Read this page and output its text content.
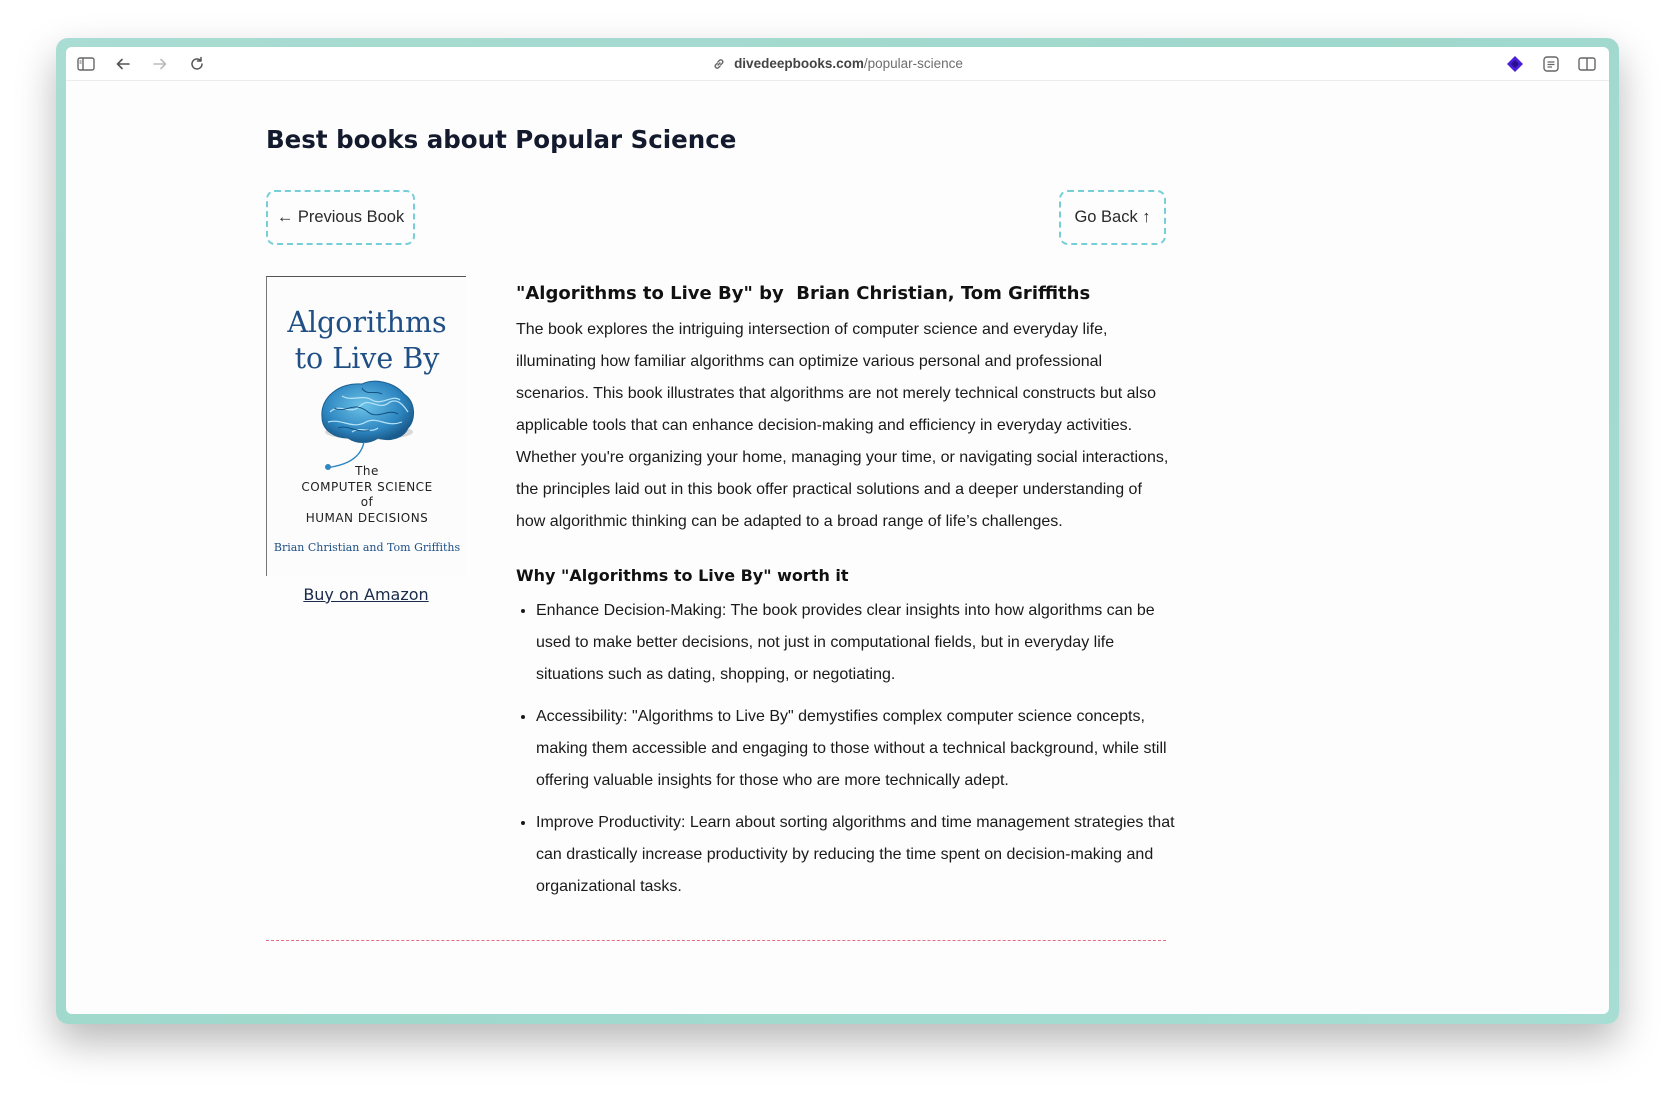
divedeepbooks.com /popular-science
Best books about Popular Science
← Previous Book	Go Back ↑
Algorithms
to Live By
The
COMPUTER SCIENCE
of
HUMAN DECISIONS
Brian Christian and Tom Griffiths
Buy on Amazon
"Algorithms to Live By" by  Brian Christian, Tom Griffiths

The book explores the intriguing intersection of computer science and everyday life, illuminating how familiar algorithms can optimize various personal and professional scenarios. This book illustrates that algorithms are not merely technical constructs but also applicable tools that can enhance decision-making and efficiency in everyday activities. Whether you're organizing your home, managing your time, or navigating social interactions, the principles laid out in this book offer practical solutions and a deeper understanding of how algorithmic thinking can be adapted to a broad range of life’s challenges.

Why "Algorithms to Live By" worth it
• Enhance Decision-Making: The book provides clear insights into how algorithms can be used to make better decisions, not just in computational fields, but in everyday life situations such as dating, shopping, or negotiating.
• Accessibility: "Algorithms to Live By" demystifies complex computer science concepts, making them accessible and engaging to those without a technical background, while still offering valuable insights for those who are more technically adept.
• Improve Productivity: Learn about sorting algorithms and time management strategies that can drastically increase productivity by reducing the time spent on decision-making and organizational tasks.
